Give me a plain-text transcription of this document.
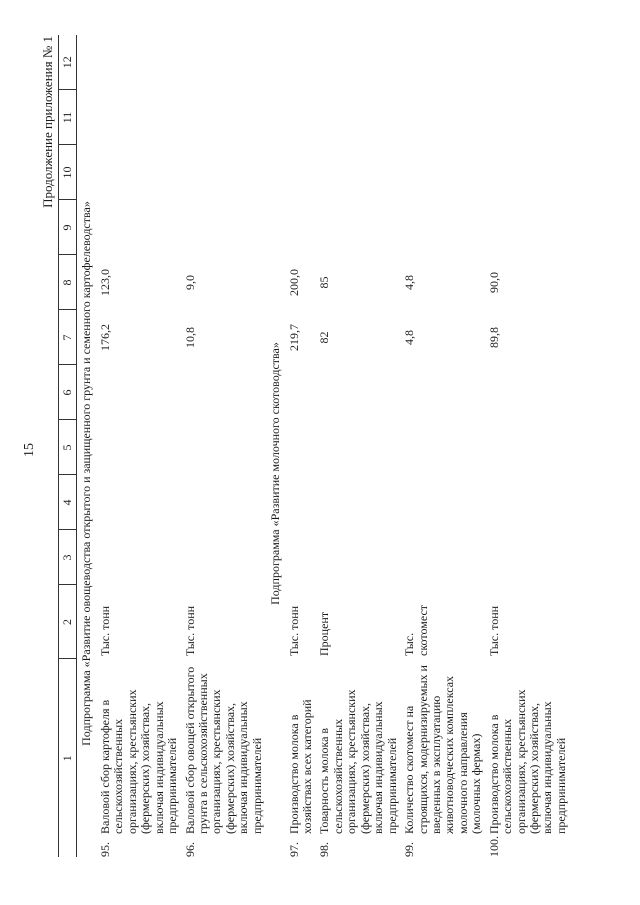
15
Продолжение приложения № 1
1		2	3	4	5	6	7	8	9	10	11	12
Подпрограмма «Развитие овощеводства открытого и защищенного грунта и семенного картофелеводства»												
95.	Валовой сбор картофеля в сельскохозяйственных организациях, крестьянских (фермерских) хозяйствах, включая индивидуальных предпринимателей	Тыс. тонн					176,2	123,0				
96.	Валовой сбор овощей открытого грунта в сельскохозяйственных организациях, крестьянских (фермерских) хозяйствах, включая индивидуальных предпринимателей	Тыс. тонн					10,8	9,0				
Подпрограмма «Развитие молочного скотоводства»												
97.	Производство молока в хозяйствах всех категорий	Тыс. тонн					219,7	200,0				
98.	Товарность молока в сельскохозяйственных организациях, крестьянских (фермерских) хозяйствах, включая индивидуальных предпринимателей	Процент					82	85				
99.	Количество скотомест на строящихся, модернизируемых и введенных в эксплуатацию животноводческих комплексах молочного направления (молочных фермах)	Тыс. скотомест					4,8	4,8				
100.	Производство молока в сельскохозяйственных организациях, крестьянских (фермерских) хозяйствах, включая индивидуальных предпринимателей	Тыс. тонн					89,8	90,0				
